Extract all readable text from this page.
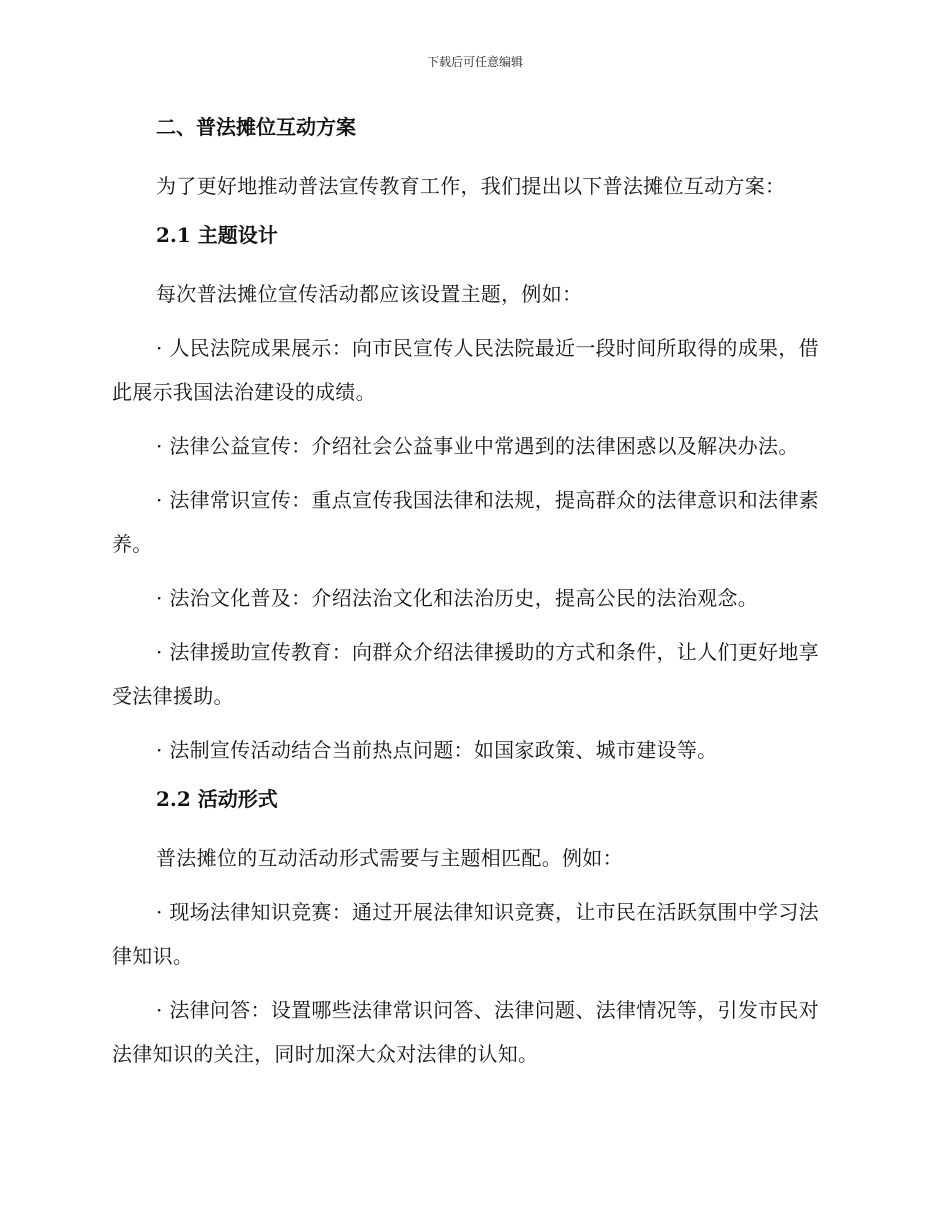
下载后可任意编辑
二、普法摊位互动方案
为了更好地推动普法宣传教育工作，我们提出以下普法摊位互动方案：
2.1 主题设计
每次普法摊位宣传活动都应该设置主题，例如：
· 人民法院成果展示：向市民宣传人民法院最近一段时间所取得的成果，借此展示我国法治建设的成绩。
· 法律公益宣传：介绍社会公益事业中常遇到的法律困惑以及解决办法。
· 法律常识宣传：重点宣传我国法律和法规，提高群众的法律意识和法律素养。
· 法治文化普及：介绍法治文化和法治历史，提高公民的法治观念。
· 法律援助宣传教育：向群众介绍法律援助的方式和条件，让人们更好地享受法律援助。
· 法制宣传活动结合当前热点问题：如国家政策、城市建设等。
2.2 活动形式
普法摊位的互动活动形式需要与主题相匹配。例如：
· 现场法律知识竞赛：通过开展法律知识竞赛，让市民在活跃氛围中学习法律知识。
· 法律问答：设置哪些法律常识问答、法律问题、法律情况等，引发市民对法律知识的关注，同时加深大众对法律的认知。
